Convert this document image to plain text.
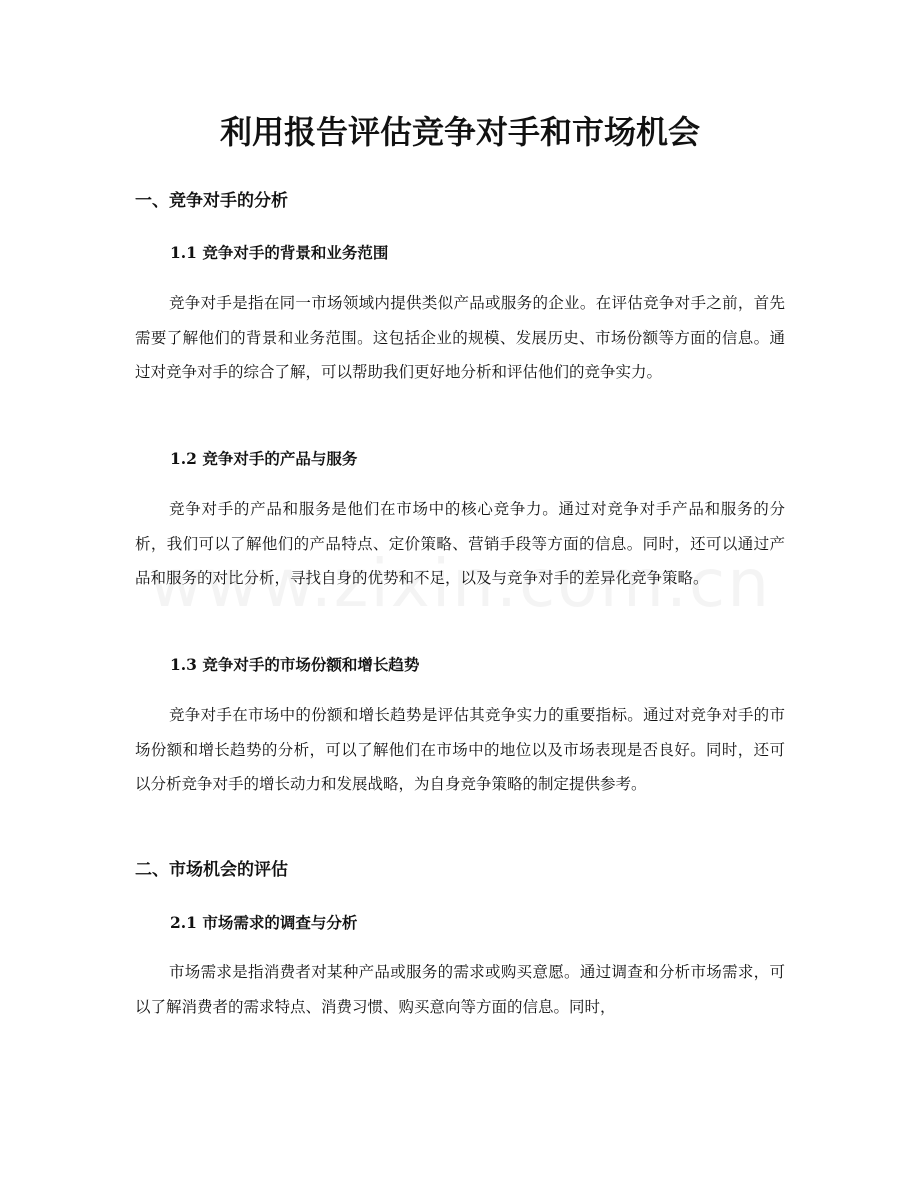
利用报告评估竞争对手和市场机会
一、竞争对手的分析
1.1 竞争对手的背景和业务范围

竞争对手是指在同一市场领域内提供类似产品或服务的企业。在评估竞争对手之前，首先需要了解他们的背景和业务范围。这包括企业的规模、发展历史、市场份额等方面的信息。通过对竞争对手的综合了解，可以帮助我们更好地分析和评估他们的竞争实力。

1.2 竞争对手的产品与服务

竞争对手的产品和服务是他们在市场中的核心竞争力。通过对竞争对手产品和服务的分析，我们可以了解他们的产品特点、定价策略、营销手段等方面的信息。同时，还可以通过产品和服务的对比分析，寻找自身的优势和不足，以及与竞争对手的差异化竞争策略。

1.3 竞争对手的市场份额和增长趋势

竞争对手在市场中的份额和增长趋势是评估其竞争实力的重要指标。通过对竞争对手的市场份额和增长趋势的分析，可以了解他们在市场中的地位以及市场表现是否良好。同时，还可以分析竞争对手的增长动力和发展战略，为自身竞争策略的制定提供参考。

二、市场机会的评估
2.1 市场需求的调查与分析

市场需求是指消费者对某种产品或服务的需求或购买意愿。通过调查和分析市场需求，可以了解消费者的需求特点、消费习惯、购买意向等方面的信息。同时，
